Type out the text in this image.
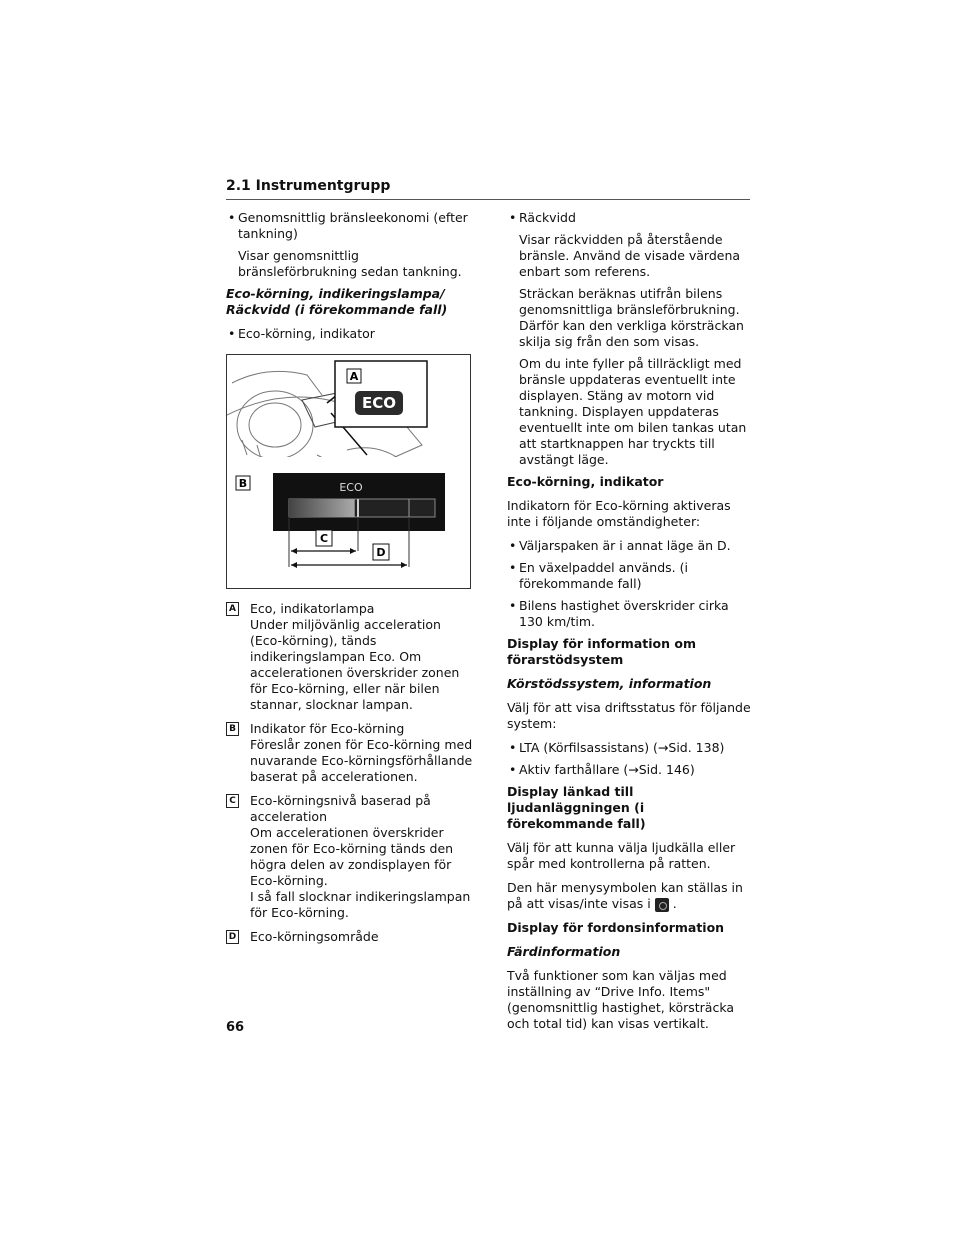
2.1 Instrumentgrupp
• Genomsnittlig bränsleekonomi (efter tankning)
Visar genomsnittlig bränsleförbrukning sedan tankning.
Eco-körning, indikeringslampa/ Räckvidd (i förekommande fall)
• Eco-körning, indikator
A
ECO
B	ECO
C
D
A Eco, indikatorlampa
Under miljövänlig acceleration (Eco-körning), tänds indikeringslampan Eco. Om accelerationen överskrider zonen för Eco-körning, eller när bilen stannar, slocknar lampan.
B Indikator för Eco-körning
Föreslår zonen för Eco-körning med nuvarande Eco-körningsförhållande baserat på accelerationen.
C Eco-körningsnivå baserad på acceleration
Om accelerationen överskrider zonen för Eco-körning tänds den högra delen av zondisplayen för Eco-körning.
I så fall slocknar indikeringslampan för Eco-körning.
D Eco-körningsområde
• Räckvidd
Visar räckvidden på återstående bränsle. Använd de visade värdena enbart som referens.
Sträckan beräknas utifrån bilens genomsnittliga bränsleförbrukning. Därför kan den verkliga körsträckan skilja sig från den som visas.
Om du inte fyller på tillräckligt med bränsle uppdateras eventuellt inte displayen. Stäng av motorn vid tankning. Displayen uppdateras eventuellt inte om bilen tankas utan att startknappen har tryckts till avstängt läge.
Eco-körning, indikator
Indikatorn för Eco-körning aktiveras inte i följande omständigheter:
• Väljarspaken är i annat läge än D.
• En växelpaddel används. (i förekommande fall)
• Bilens hastighet överskrider cirka 130 km/tim.
Display för information om förarstödsystem
Körstödssystem, information
Välj för att visa driftsstatus för följande system:
• LTA (Körfilsassistans) (→Sid. 138)
• Aktiv farthållare (→Sid. 146)
Display länkad till ljudanläggningen (i förekommande fall)
Välj för att kunna välja ljudkälla eller spår med kontrollerna på ratten.
Den här menysymbolen kan ställas in på att visas/inte visas i .
Display för fordonsinformation
Färdinformation
Två funktioner som kan väljas med inställning av “Drive Info. Items" (genomsnittlig hastighet, körsträcka och total tid) kan visas vertikalt.
66
